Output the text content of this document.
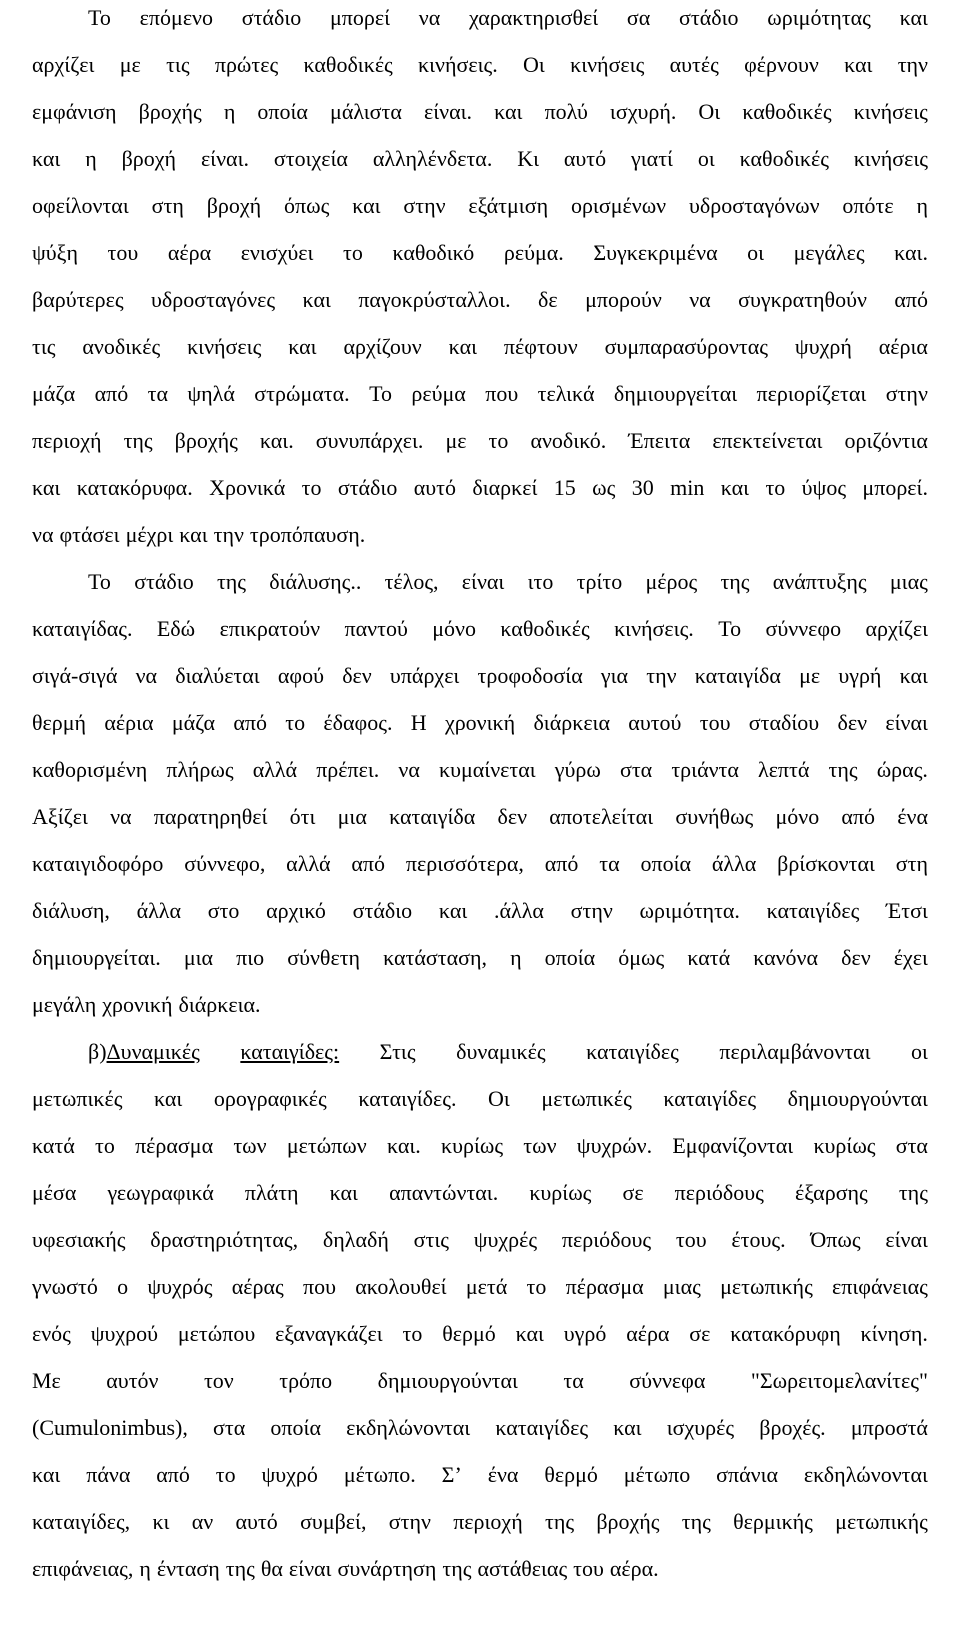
Το επόμενο στάδιο μπορεί να χαρακτηρισθεί σα στάδιο ωριμότητας και
αρχίζει με τις πρώτες καθοδικές κινήσεις. Οι κινήσεις αυτές φέρνουν και την
εμφάνιση βροχής η οποία μάλιστα είναι. και πολύ ισχυρή. Οι καθοδικές κινήσεις
και η βροχή είναι. στοιχεία αλληλένδετα. Κι αυτό γιατί οι καθοδικές κινήσεις
οφείλονται στη βροχή όπως και στην εξάτμιση ορισμένων υδροσταγόνων οπότε η
ψύξη του αέρα ενισχύει το καθοδικό ρεύμα. Συγκεκριμένα οι μεγάλες και.
βαρύτερες υδροσταγόνες και παγοκρύσταλλοι. δε μπορούν να συγκρατηθούν από
τις ανοδικές κινήσεις και αρχίζουν και πέφτουν συμπαρασύροντας ψυχρή αέρια
μάζα από τα ψηλά στρώματα. Το ρεύμα που τελικά δημιουργείται περιορίζεται στην
περιοχή της βροχής και. συνυπάρχει. με το ανοδικό. Έπειτα επεκτείνεται οριζόντια
και κατακόρυφα. Χρονικά το στάδιο αυτό διαρκεί 15 ως 30 min και το ύψος μπορεί.
να φτάσει μέχρι και την τροπόπαυση.
Το στάδιο της διάλυσης.. τέλος, είναι ιτο τρίτο μέρος της ανάπτυξης μιας
καταιγίδας. Εδώ επικρατούν παντού μόνο καθοδικές κινήσεις. Το σύννεφο αρχίζει
σιγά-σιγά να διαλύεται αφού δεν υπάρχει τροφοδοσία για την καταιγίδα με υγρή και
θερμή αέρια μάζα από το έδαφος. Η χρονική διάρκεια αυτού του σταδίου δεν είναι
καθορισμένη πλήρως αλλά πρέπει. να κυμαίνεται γύρω στα τριάντα λεπτά της ώρας.
Αξίζει να παρατηρηθεί ότι μια καταιγίδα δεν αποτελείται συνήθως μόνο από ένα
καταιγιδοφόρο σύννεφο, αλλά από περισσότερα, από τα οποία άλλα βρίσκονται στη
διάλυση, άλλα στο αρχικό στάδιο και .άλλα στην ωριμότητα. καταιγίδες Έτσι
δημιουργείται. μια πιο σύνθετη κατάσταση, η οποία όμως κατά κανόνα δεν έχει
μεγάλη χρονική διάρκεια.
β)Δυναμικές καταιγίδες: Στις δυναμικές καταιγίδες περιλαμβάνονται οι
μετωπικές και ορογραφικές καταιγίδες. Οι μετωπικές καταιγίδες δημιουργούνται
κατά το πέρασμα των μετώπων και. κυρίως των ψυχρών. Εμφανίζονται κυρίως στα
μέσα γεωγραφικά πλάτη και απαντώνται. κυρίως σε περιόδους έξαρσης της
υφεσιακής δραστηριότητας, δηλαδή στις ψυχρές περιόδους του έτους. Όπως είναι
γνωστό ο ψυχρός αέρας που ακολουθεί μετά το πέρασμα μιας μετωπικής επιφάνειας
ενός ψυχρού μετώπου εξαναγκάζει το θερμό και υγρό αέρα σε κατακόρυφη κίνηση.
Με αυτόν τον τρόπο δημιουργούνται τα σύννεφα "Σωρειτομελανίτες"
(Cumulonimbus), στα οποία εκδηλώνονται καταιγίδες και ισχυρές βροχές. μπροστά
και πάνα από το ψυχρό μέτωπο. Σ’ ένα θερμό μέτωπο σπάνια εκδηλώνονται
καταιγίδες, κι αν αυτό συμβεί, στην περιοχή της βροχής της θερμικής μετωπικής
επιφάνειας, η ένταση της θα είναι συνάρτηση της αστάθειας του αέρα.
